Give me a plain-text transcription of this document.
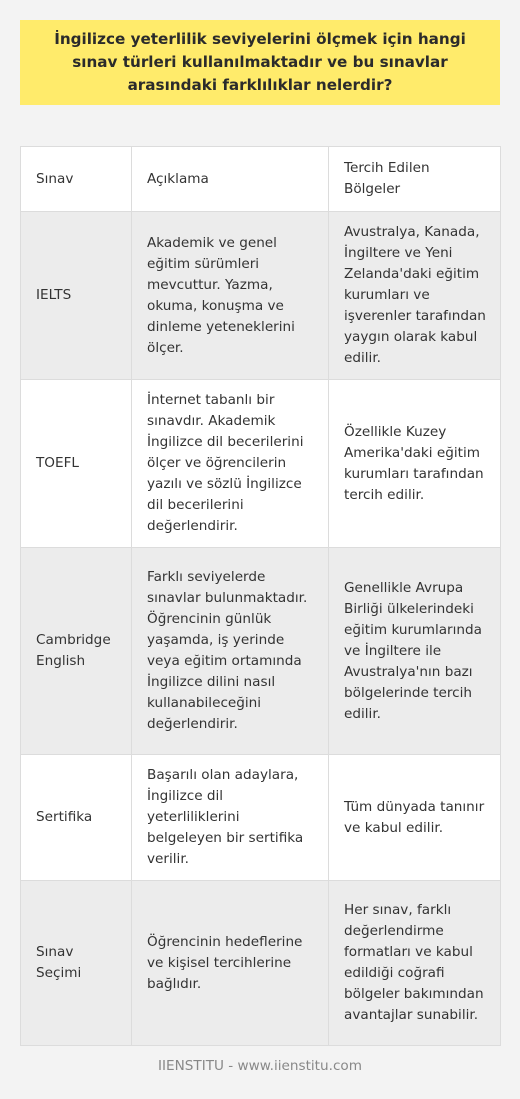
İngilizce yeterlilik seviyelerini ölçmek için hangi sınav türleri kullanılmaktadır ve bu sınavlar arasındaki farklılıklar nelerdir?
Sınav	Açıklama	Tercih Edilen Bölgeler
IELTS	Akademik ve genel eğitim sürümleri mevcuttur. Yazma, okuma, konuşma ve dinleme yeteneklerini ölçer.	Avustralya, Kanada, İngiltere ve Yeni Zelanda'daki eğitim kurumları ve işverenler tarafından yaygın olarak kabul edilir.
TOEFL	İnternet tabanlı bir sınavdır. Akademik İngilizce dil becerilerini ölçer ve öğrencilerin yazılı ve sözlü İngilizce dil becerilerini değerlendirir.	Özellikle Kuzey Amerika'daki eğitim kurumları tarafından tercih edilir.
Cambridge English	Farklı seviyelerde sınavlar bulunmaktadır. Öğrencinin günlük yaşamda, iş yerinde veya eğitim ortamında İngilizce dilini nasıl kullanabileceğini değerlendirir.	Genellikle Avrupa Birliği ülkelerindeki eğitim kurumlarında ve İngiltere ile Avustralya'nın bazı bölgelerinde tercih edilir.
Sertifika	Başarılı olan adaylara, İngilizce dil yeterliliklerini belgeleyen bir sertifika verilir.	Tüm dünyada tanınır ve kabul edilir.
Sınav Seçimi	Öğrencinin hedeflerine ve kişisel tercihlerine bağlıdır.	Her sınav, farklı değerlendirme formatları ve kabul edildiği coğrafi bölgeler bakımından avantajlar sunabilir.
IIENSTITU - www.iienstitu.com
